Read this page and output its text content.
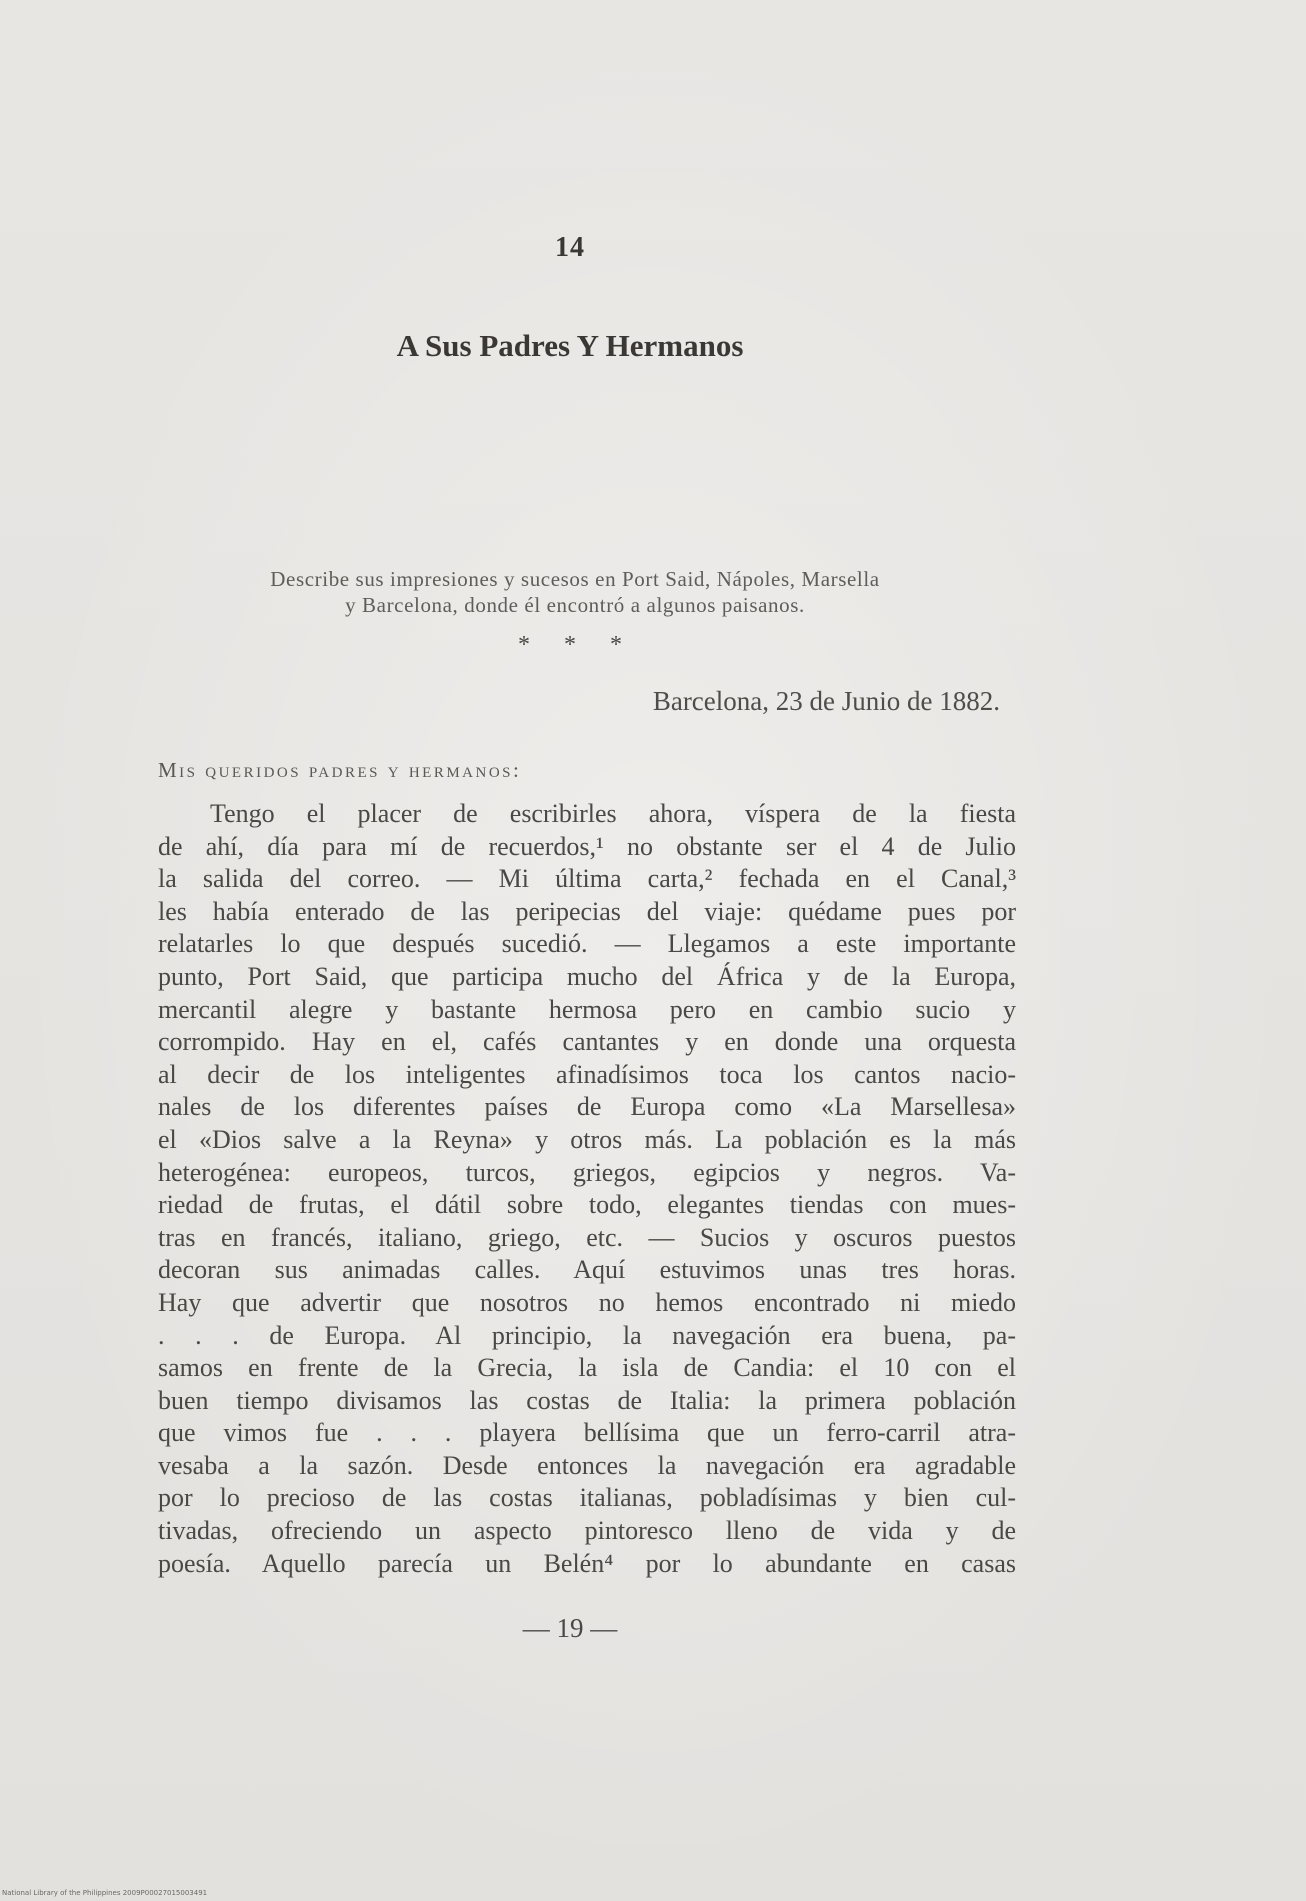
14
A Sus Padres Y Hermanos
Describe sus impresiones y sucesos en Port Said, Nápoles, Marsella
y Barcelona, donde él encontró a algunos paisanos.
* * *
Barcelona, 23 de Junio de 1882.
Mis queridos padres y hermanos:
Tengo el placer de escribirles ahora, víspera de la fiesta
de ahí, día para mí de recuerdos,¹ no obstante ser el 4 de Julio
la salida del correo. — Mi última carta,² fechada en el Canal,³
les había enterado de las peripecias del viaje: quédame pues por
relatarles lo que después sucedió. — Llegamos a este importante
punto, Port Said, que participa mucho del África y de la Europa,
mercantil alegre y bastante hermosa pero en cambio sucio y
corrompido. Hay en el, cafés cantantes y en donde una orquesta
al decir de los inteligentes afinadísimos toca los cantos nacio-
nales de los diferentes países de Europa como «La Marsellesa»
el «Dios salve a la Reyna» y otros más. La población es la más
heterogénea: europeos, turcos, griegos, egipcios y negros. Va-
riedad de frutas, el dátil sobre todo, elegantes tiendas con mues-
tras en francés, italiano, griego, etc. — Sucios y oscuros puestos
decoran sus animadas calles. Aquí estuvimos unas tres horas.
Hay que advertir que nosotros no hemos encontrado ni miedo
. . . de Europa. Al principio, la navegación era buena, pa-
samos en frente de la Grecia, la isla de Candia: el 10 con el
buen tiempo divisamos las costas de Italia: la primera población
que vimos fue . . . playera bellísima que un ferro-carril atra-
vesaba a la sazón. Desde entonces la navegación era agradable
por lo precioso de las costas italianas, pobladísimas y bien cul-
tivadas, ofreciendo un aspecto pintoresco lleno de vida y de
poesía. Aquello parecía un Belén⁴ por lo abundante en casas
— 19 —
National Library of the Philippines 2009P00027015003491
